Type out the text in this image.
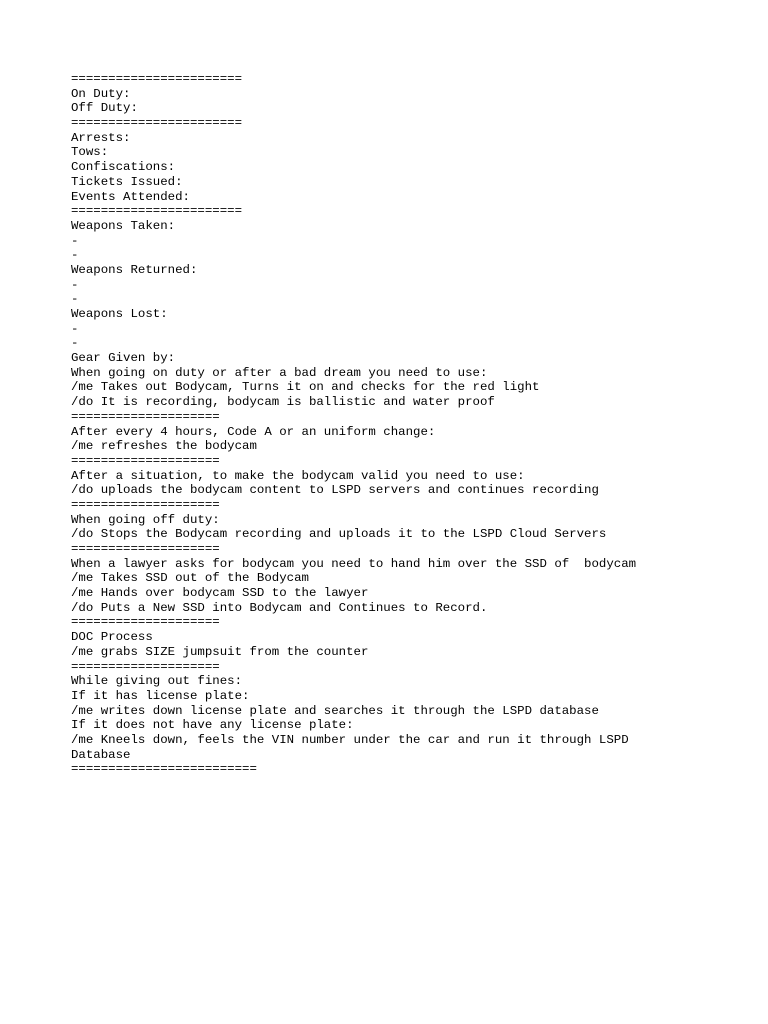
=======================
On Duty:
Off Duty:
=======================
Arrests:
Tows:
Confiscations:
Tickets Issued:
Events Attended:
=======================
Weapons Taken:
-
-
Weapons Returned:
-
-
Weapons Lost:
-
-
Gear Given by:
When going on duty or after a bad dream you need to use:
/me Takes out Bodycam, Turns it on and checks for the red light
/do It is recording, bodycam is ballistic and water proof
====================
After every 4 hours, Code A or an uniform change:
/me refreshes the bodycam
====================
After a situation, to make the bodycam valid you need to use:
/do uploads the bodycam content to LSPD servers and continues recording
====================
When going off duty:
/do Stops the Bodycam recording and uploads it to the LSPD Cloud Servers
====================
When a lawyer asks for bodycam you need to hand him over the SSD of  bodycam
/me Takes SSD out of the Bodycam
/me Hands over bodycam SSD to the lawyer
/do Puts a New SSD into Bodycam and Continues to Record.
====================
DOC Process
/me grabs SIZE jumpsuit from the counter
====================
While giving out fines:
If it has license plate:
/me writes down license plate and searches it through the LSPD database
If it does not have any license plate:
/me Kneels down, feels the VIN number under the car and run it through LSPD
Database
=========================
